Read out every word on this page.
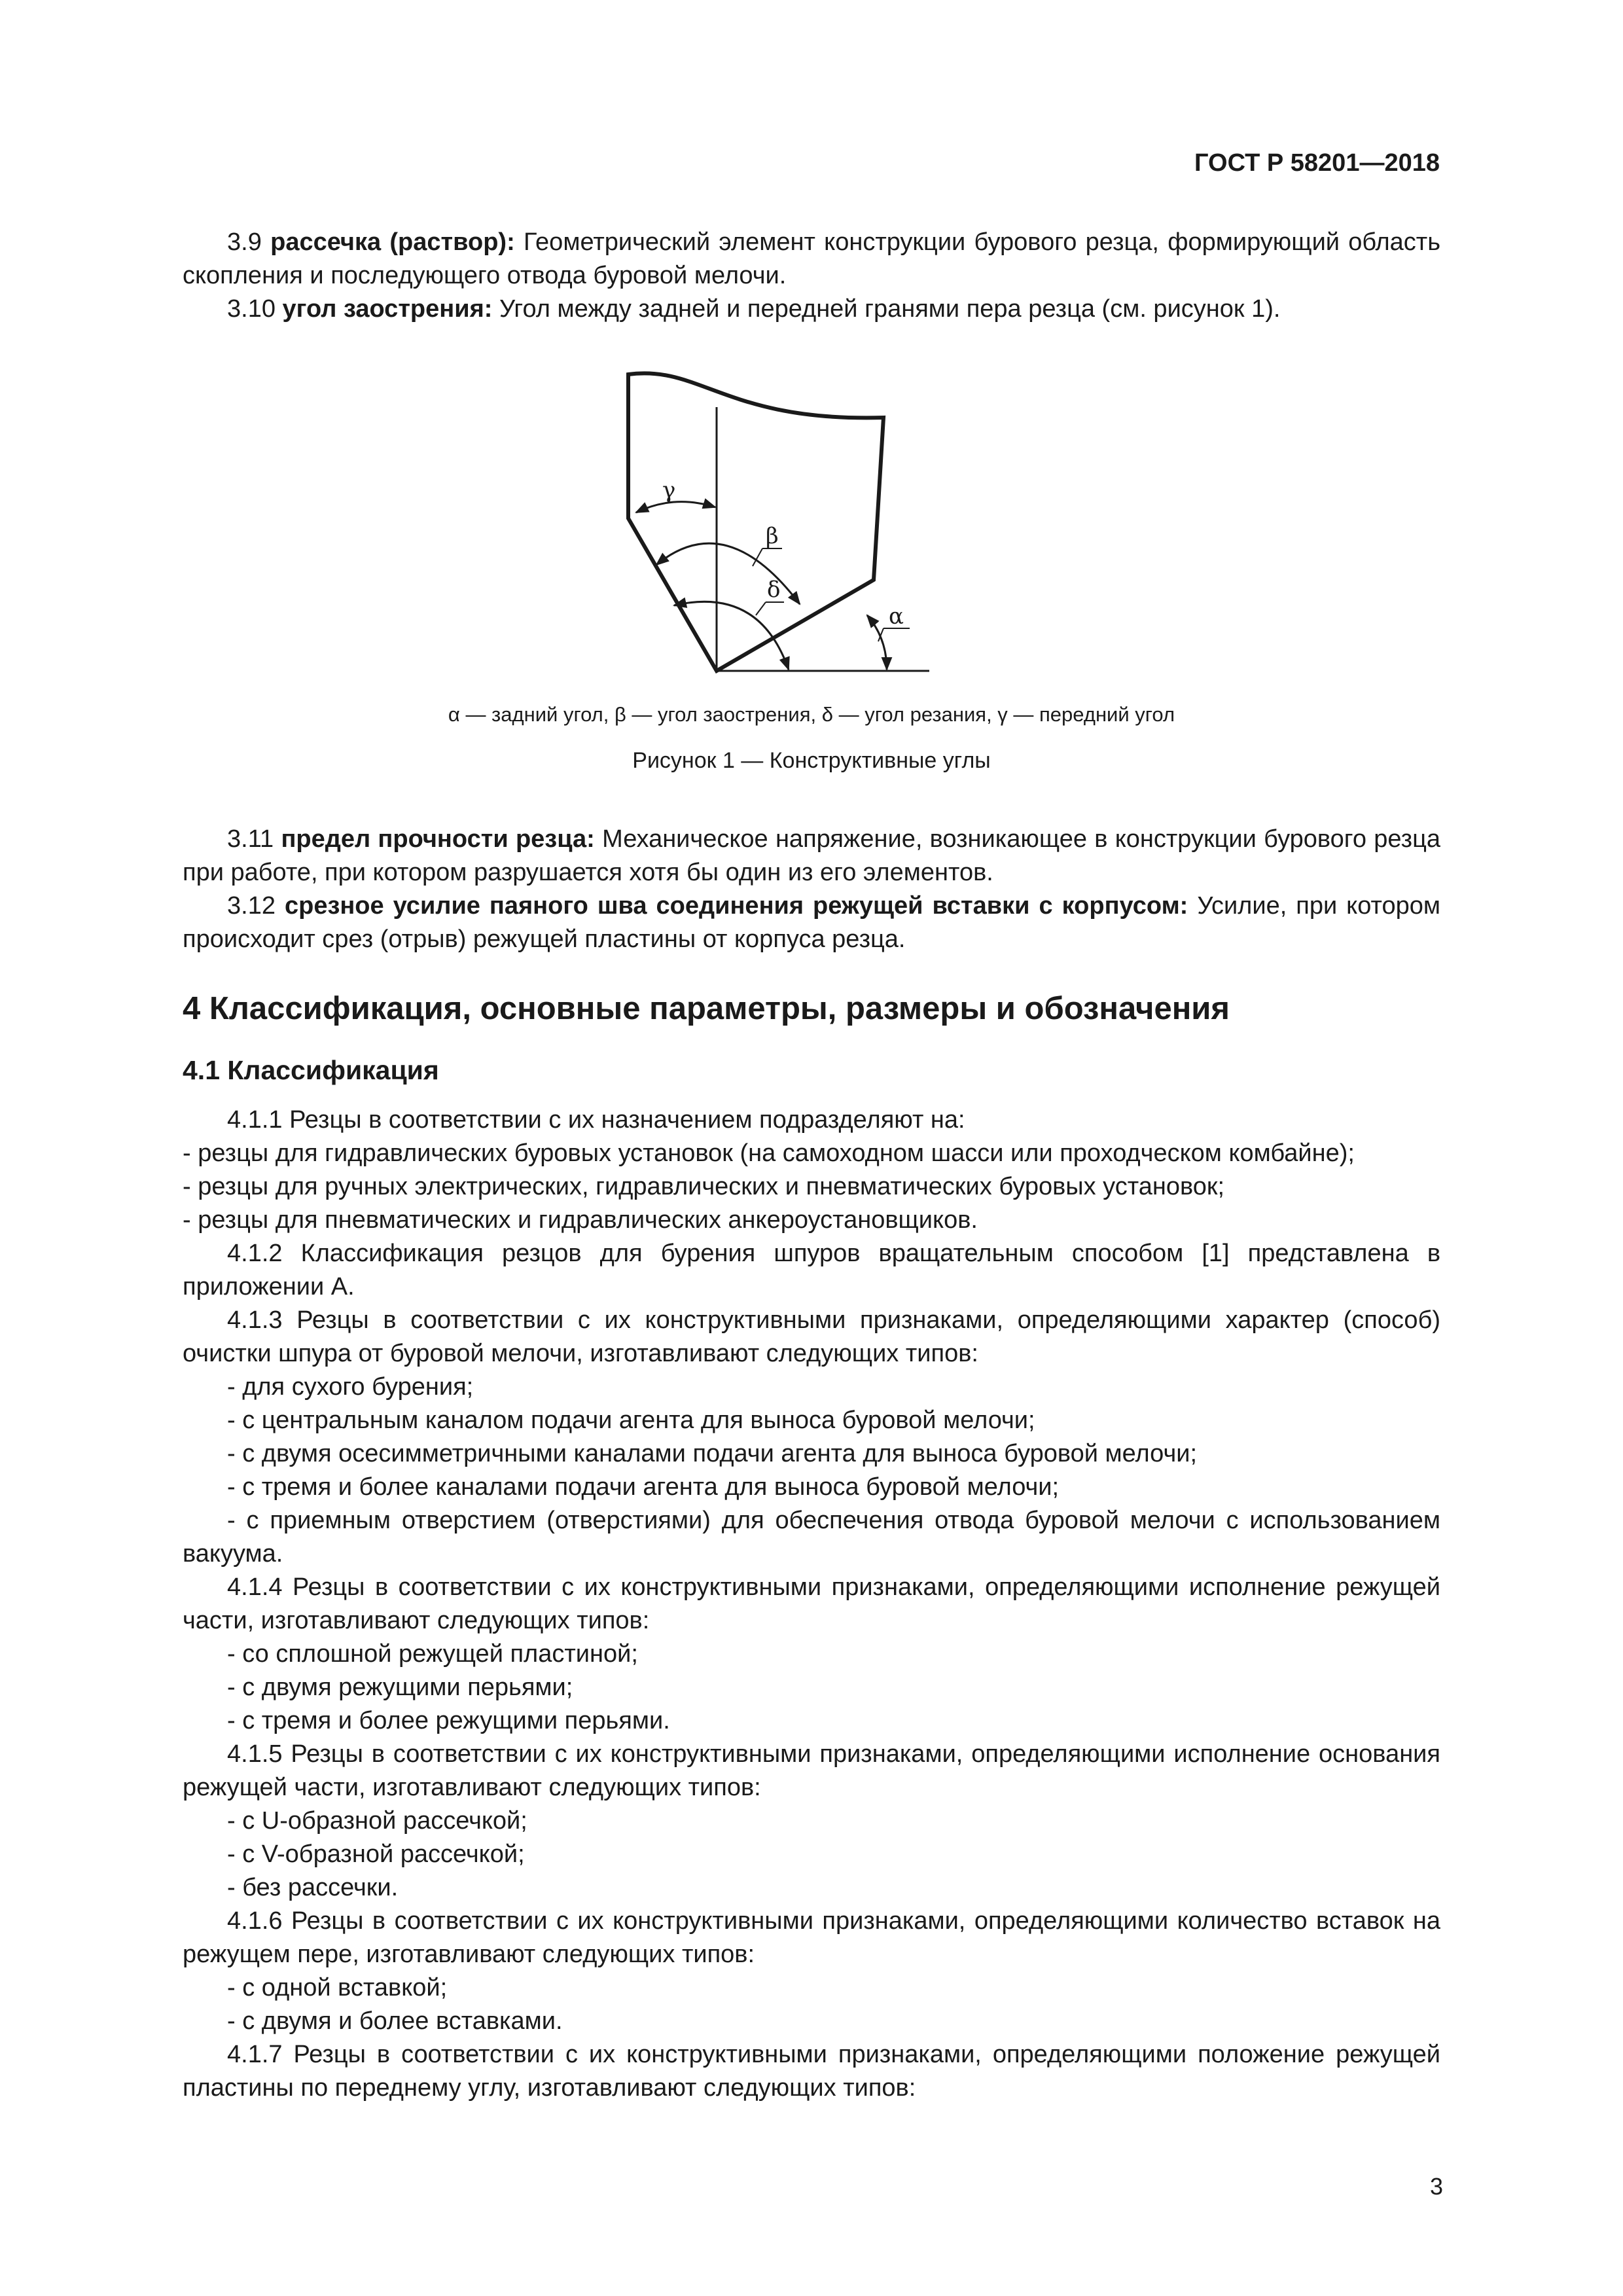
ГОСТ Р 58201—2018

3.9 рассечка (раствор): Геометрический элемент конструкции бурового резца, формирующий область скопления и последующего отвода буровой мелочи.

3.10 угол заострения: Угол между задней и передней гранями пера резца (см. рисунок 1).

γ
β
δ
α
α — задний угол, β — угол заострения, δ — угол резания, γ — передний угол
Рисунок 1 — Конструктивные углы

3.11 предел прочности резца: Механическое напряжение, возникающее в конструкции бурового резца при работе, при котором разрушается хотя бы один из его элементов.

3.12 срезное усилие паяного шва соединения режущей вставки с корпусом: Усилие, при котором происходит срез (отрыв) режущей пластины от корпуса резца.

4 Классификация, основные параметры, размеры и обозначения
4.1 Классификация

4.1.1 Резцы в соответствии с их назначением подразделяют на:

- резцы для гидравлических буровых установок (на самоходном шасси или проходческом комбайне);

- резцы для ручных электрических, гидравлических и пневматических буровых установок;

- резцы для пневматических и гидравлических анкероустановщиков.

4.1.2 Классификация резцов для бурения шпуров вращательным способом [1] представлена в приложении А.

4.1.3 Резцы в соответствии с их конструктивными признаками, определяющими характер (способ) очистки шпура от буровой мелочи, изготавливают следующих типов:

- для сухого бурения;

- с центральным каналом подачи агента для выноса буровой мелочи;

- с двумя осесимметричными каналами подачи агента для выноса буровой мелочи;

- с тремя и более каналами подачи агента для выноса буровой мелочи;

- с приемным отверстием (отверстиями) для обеспечения отвода буровой мелочи с использованием вакуума.

4.1.4 Резцы в соответствии с их конструктивными признаками, определяющими исполнение режущей части, изготавливают следующих типов:

- со сплошной режущей пластиной;

- с двумя режущими перьями;

- с тремя и более режущими перьями.

4.1.5 Резцы в соответствии с их конструктивными признаками, определяющими исполнение основания режущей части, изготавливают следующих типов:

- с U-образной рассечкой;

- с V-образной рассечкой;

- без рассечки.

4.1.6 Резцы в соответствии с их конструктивными признаками, определяющими количество вставок на режущем пере, изготавливают следующих типов:

- с одной вставкой;

- с двумя и более вставками.

4.1.7 Резцы в соответствии с их конструктивными признаками, определяющими положение режущей пластины по переднему углу, изготавливают следующих типов:

3
